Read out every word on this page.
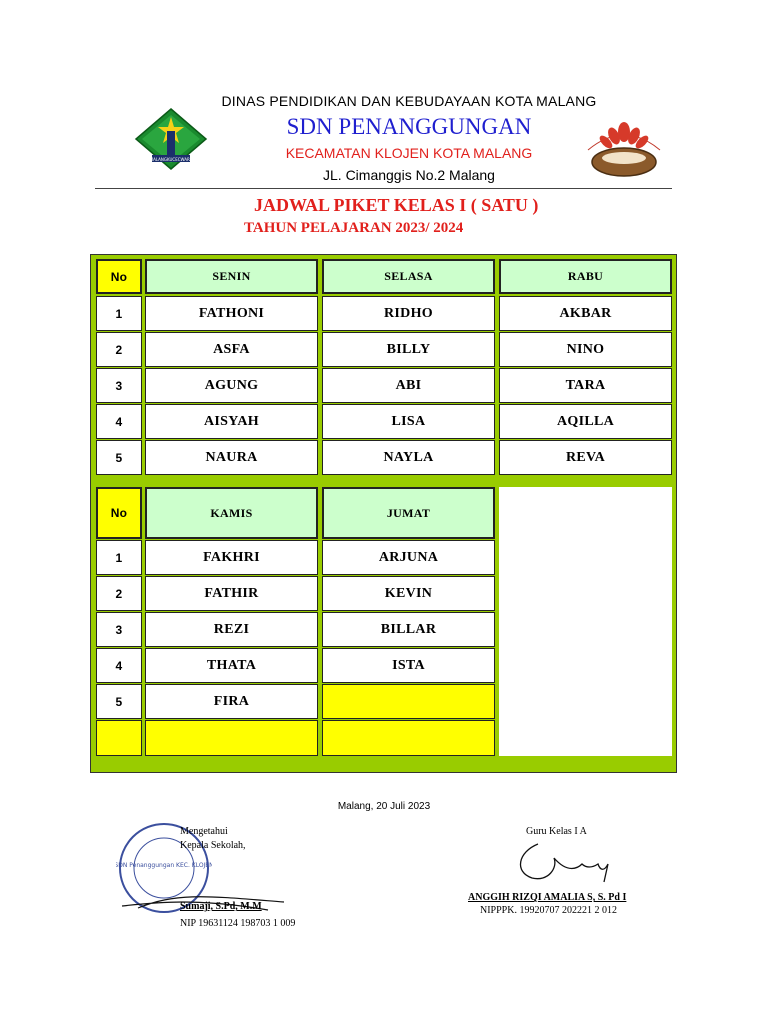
MALANGKUCECWARA
DINAS PENDIDIKAN DAN KEBUDAYAAN KOTA MALANG
SDN PENANGGUNGAN
KECAMATAN KLOJEN KOTA MALANG
JL. Cimanggis No.2 Malang
JADWAL PIKET KELAS I ( SATU )
TAHUN PELAJARAN 2023/ 2024
No	SENIN	SELASA	RABU
1	FATHONI	RIDHO	AKBAR
2	ASFA	BILLY	NINO
3	AGUNG	ABI	TARA
4	AISYAH	LISA	AQILLA
5	NAURA	NAYLA	REVA
No	KAMIS	JUMAT
1	FAKHRI	ARJUNA
2	FATHIR	KEVIN
3	REZI	BILLAR
4	THATA	ISTA
5	FIRA
Malang, 20 Juli 2023
SDN Penanggungan KEC. KLOJEN
Mengetahui
Kepala Sekolah,
Sumaji, S.Pd, M.M
NIP 19631124 198703 1 009
Guru Kelas I A
ANGGIH RIZQI AMALIA S, S. Pd I
NIPPPK. 19920707 202221 2 012
